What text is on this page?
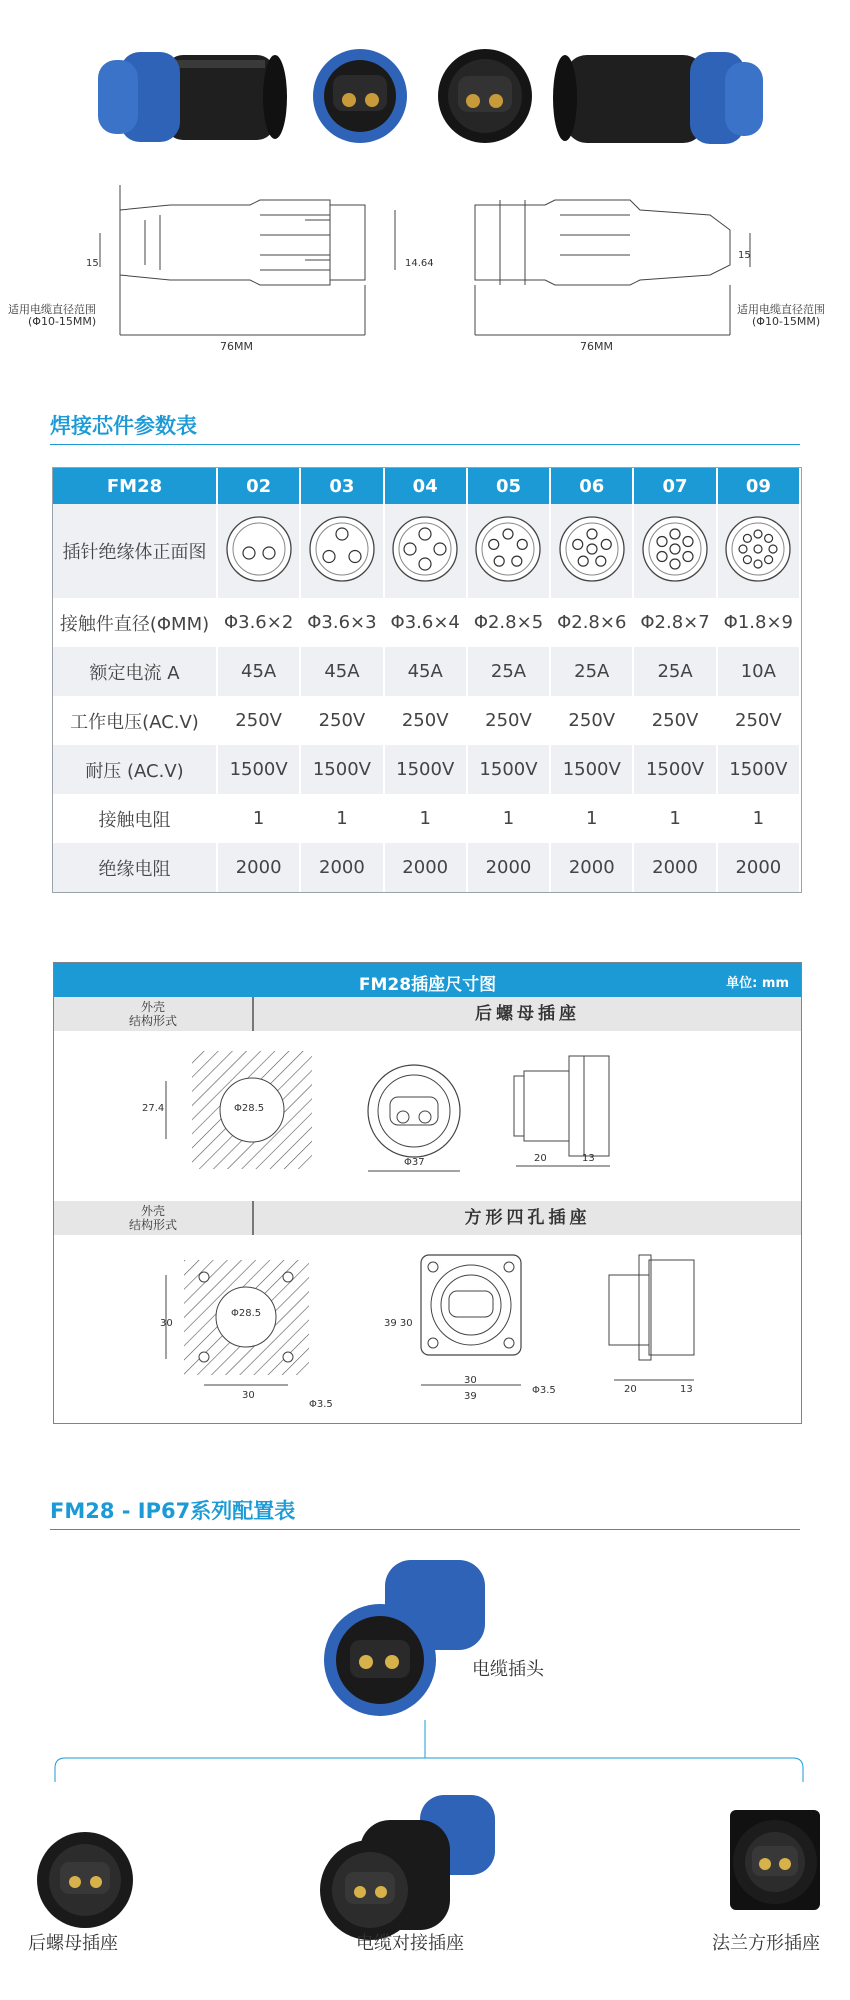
15	14.64
76MM
适用电缆直径范围
(Φ10-15MM)
15
76MM
适用电缆直径范围
(Φ10-15MM)
焊接芯件参数表
FM28	02	03	04	05	06	07	09
插针绝缘体正面图							
接触件直径(ΦMM)	Φ3.6×2	Φ3.6×3	Φ3.6×4	Φ2.8×5	Φ2.8×6	Φ2.8×7	Φ1.8×9
额定电流 A	45A	45A	45A	25A	25A	25A	10A
工作电压(AC.V)	250V	250V	250V	250V	250V	250V	250V
耐压 (AC.V)	1500V	1500V	1500V	1500V	1500V	1500V	1500V
接触电阻	1	1	1	1	1	1	1
绝缘电阻	2000	2000	2000	2000	2000	2000	2000
FM28插座尺寸图	单位: mm
外壳
结构形式	后螺母插座
27.4	Φ28.5
Φ37	20	13
外壳
结构形式	方形四孔插座
30
Φ28.5
30
Φ3.5
39 30
30
39
Φ3.5	20	13
FM28 - IP67系列配置表
电缆插头
后螺母插座	电缆对接插座	法兰方形插座
